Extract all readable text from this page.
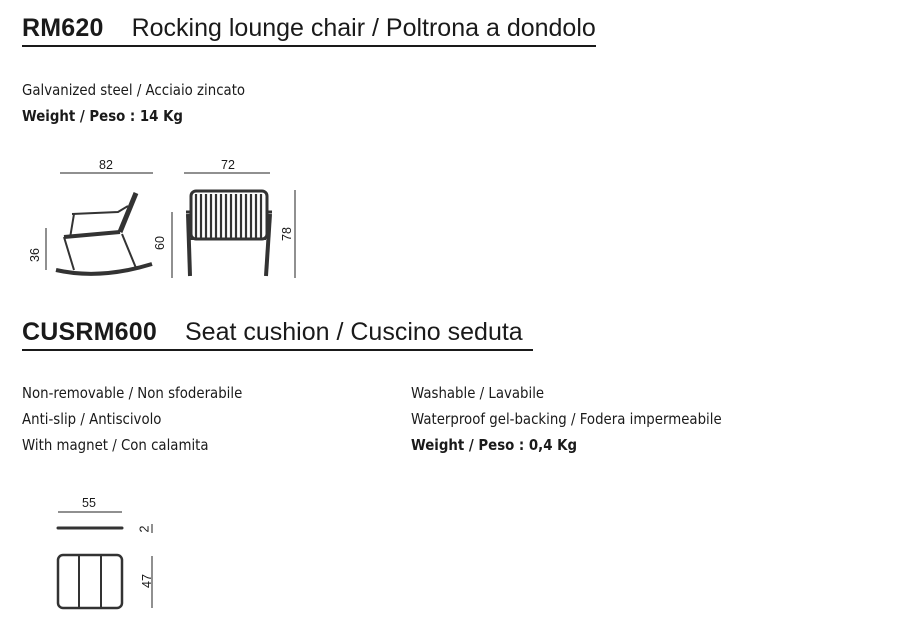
RM620 Rocking lounge chair / Poltrona a dondolo
Galvanized steel / Acciaio zincato
Weight / Peso : 14 Kg
82
36
72
60
78
CUSRM600 Seat cushion / Cuscino seduta
Non-removable / Non sfoderabile
Anti-slip / Antiscivolo
With magnet / Con calamita
Washable / Lavabile
Waterproof gel-backing / Fodera impermeabile
Weight / Peso : 0,4 Kg
55
2
47
